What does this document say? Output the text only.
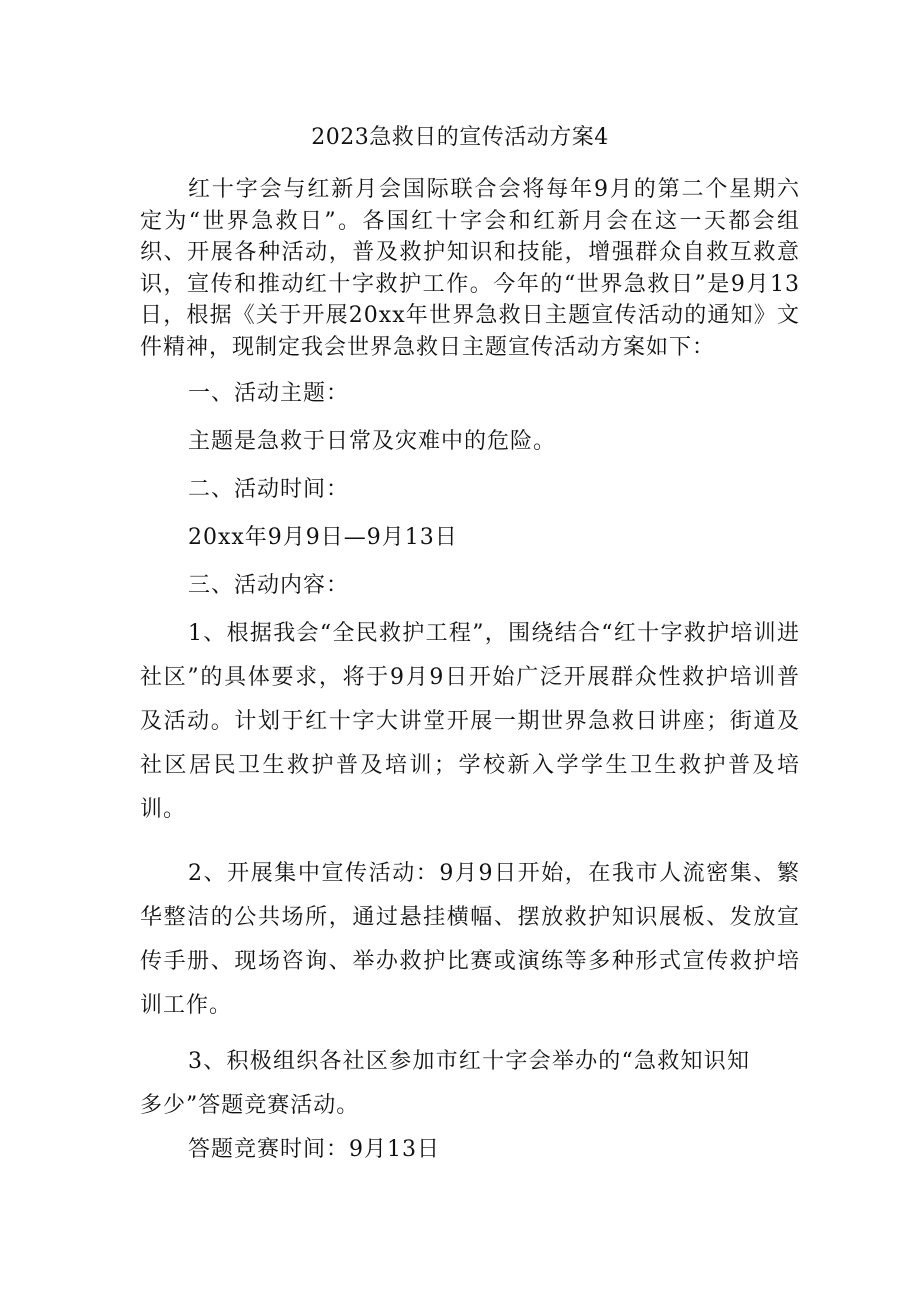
2023急救日的宣传活动方案4

红十字会与红新月会国际联合会将每年9月的第二个星期六定为“世界急救日”。各国红十字会和红新月会在这一天都会组织、开展各种活动，普及救护知识和技能，增强群众自救互救意识，宣传和推动红十字救护工作。今年的“世界急救日”是9月13日，根据《关于开展20xx年世界急救日主题宣传活动的通知》文件精神，现制定我会世界急救日主题宣传活动方案如下：

一、活动主题：

主题是急救于日常及灾难中的危险。

二、活动时间：

20xx年9月9日—9月13日

三、活动内容：

1、根据我会“全民救护工程”，围绕结合“红十字救护培训进社区”的具体要求，将于9月9日开始广泛开展群众性救护培训普及活动。计划于红十字大讲堂开展一期世界急救日讲座；街道及社区居民卫生救护普及培训；学校新入学学生卫生救护普及培训。

2、开展集中宣传活动：9月9日开始，在我市人流密集、繁华整洁的公共场所，通过悬挂横幅、摆放救护知识展板、发放宣传手册、现场咨询、举办救护比赛或演练等多种形式宣传救护培训工作。

3、积极组织各社区参加市红十字会举办的“急救知识知多少”答题竞赛活动。

答题竞赛时间：9月13日
